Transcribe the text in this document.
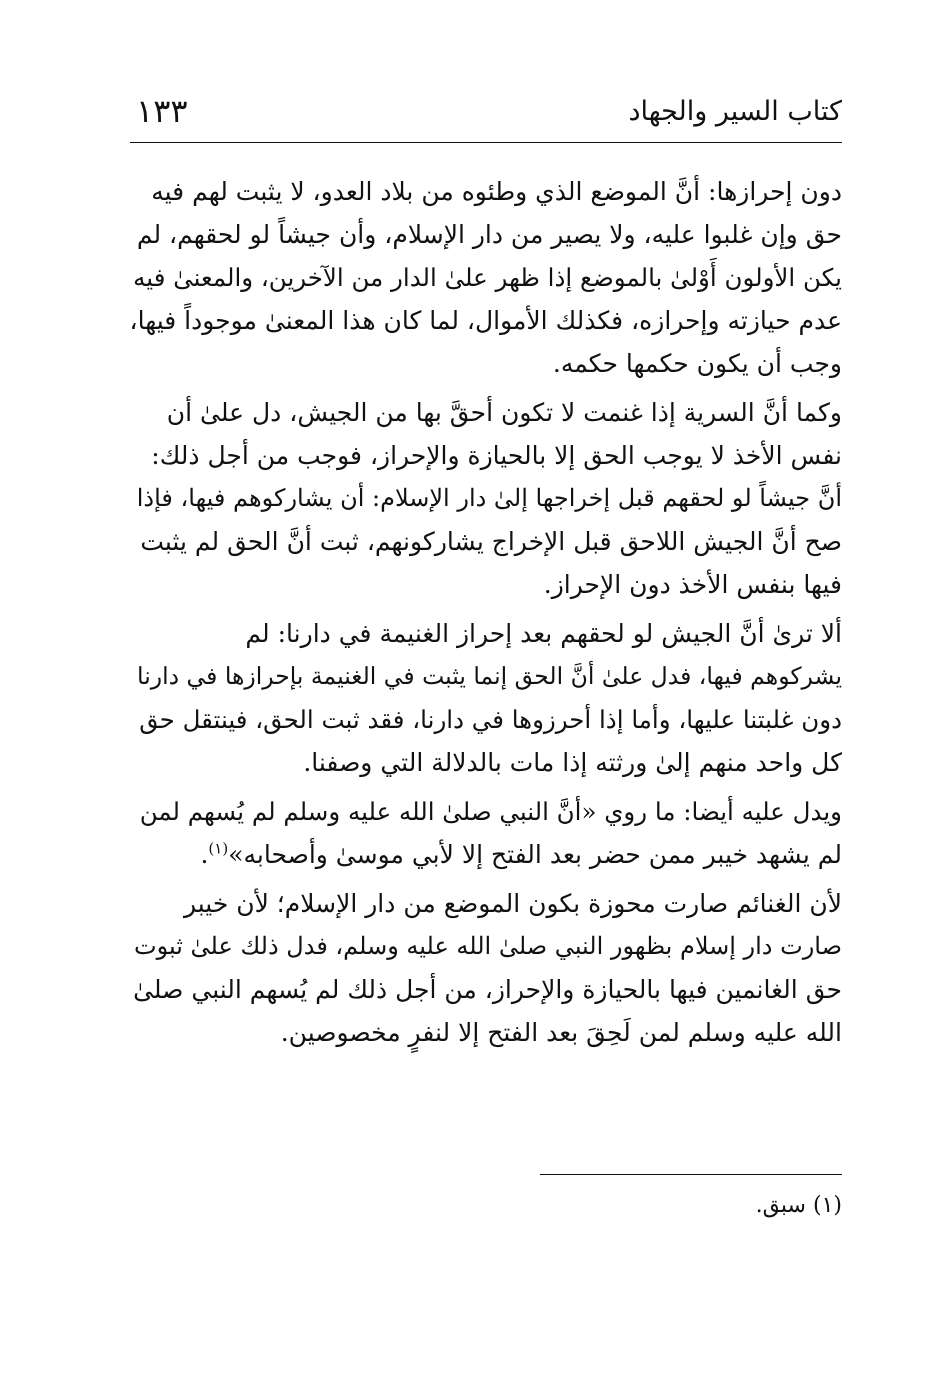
كتاب السير والجهاد
١٣٣
دون إحرازها: أنَّ الموضع الذي وطئوه من بلاد العدو، لا يثبت لهم فيه
حق وإن غلبوا عليه، ولا يصير من دار الإسلام، وأن جيشاً لو لحقهم، لم
يكن الأولون أَوْلىٰ بالموضع إذا ظهر علىٰ الدار من الآخرين، والمعنىٰ فيه
عدم حيازته وإحرازه، فكذلك الأموال، لما كان هذا المعنىٰ موجوداً فيها،
وجب أن يكون حكمها حكمه.
وكما أنَّ السرية إذا غنمت لا تكون أحقَّ بها من الجيش، دل علىٰ أن
نفس الأخذ لا يوجب الحق إلا بالحيازة والإحراز، فوجب من أجل ذلك:
أنَّ جيشاً لو لحقهم قبل إخراجها إلىٰ دار الإسلام: أن يشاركوهم فيها، فإذا
صح أنَّ الجيش اللاحق قبل الإخراج يشاركونهم، ثبت أنَّ الحق لم يثبت
فيها بنفس الأخذ دون الإحراز.
ألا ترىٰ أنَّ الجيش لو لحقهم بعد إحراز الغنيمة في دارنا: لم
يشركوهم فيها، فدل علىٰ أنَّ الحق إنما يثبت في الغنيمة بإحرازها في دارنا
دون غلبتنا عليها، وأما إذا أحرزوها في دارنا، فقد ثبت الحق، فينتقل حق
كل واحد منهم إلىٰ ورثته إذا مات بالدلالة التي وصفنا.
ويدل عليه أيضا: ما روي «أنَّ النبي صلىٰ الله عليه وسلم لم يُسهم لمن
لم يشهد خيبر ممن حضر بعد الفتح إلا لأبي موسىٰ وأصحابه»$^{(١)}$.
لأن الغنائم صارت محوزة بكون الموضع من دار الإسلام؛ لأن خيبر
صارت دار إسلام بظهور النبي صلىٰ الله عليه وسلم، فدل ذلك علىٰ ثبوت
حق الغانمين فيها بالحيازة والإحراز، من أجل ذلك لم يُسهم النبي صلىٰ
الله عليه وسلم لمن لَحِقَ بعد الفتح إلا لنفرٍ مخصوصين.
(١) سبق.
